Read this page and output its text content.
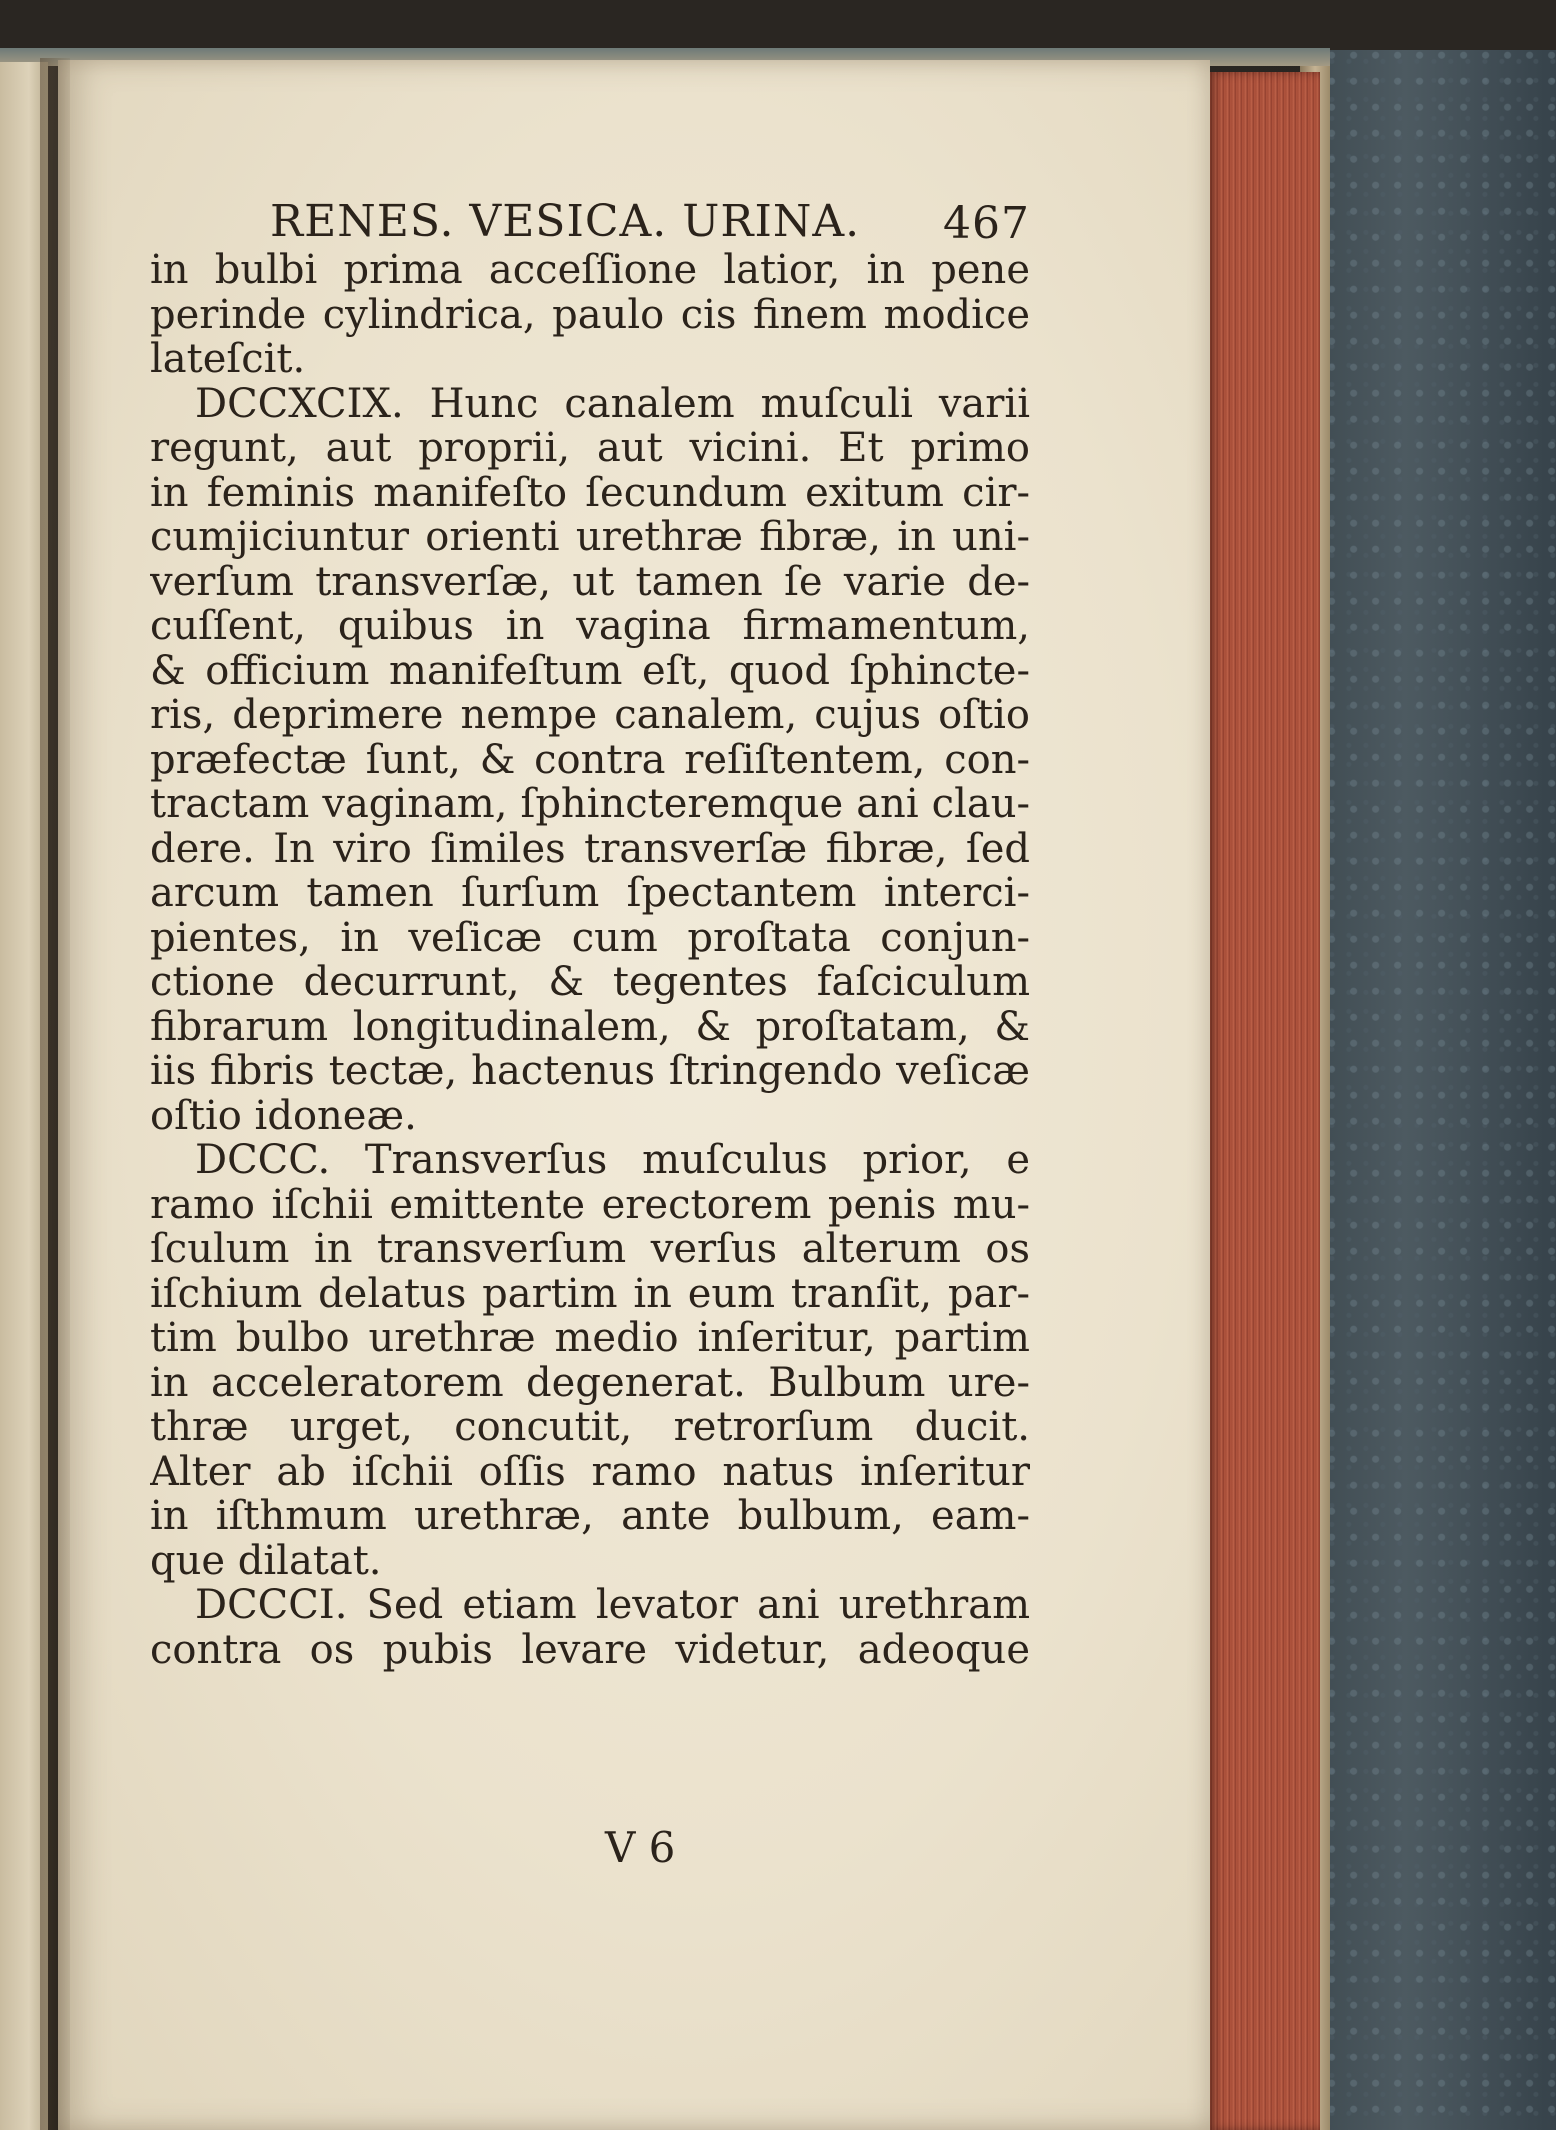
RENES. VESICA. URINA. 467
in bulbi prima acceſſione latior, in pene
perinde cylindrica, paulo cis finem modice
lateſcit.
DCCXCIX. Hunc canalem muſculi varii
regunt, aut proprii, aut vicini. Et primo
in feminis manifeſto ſecundum exitum cir-
cumjiciuntur orienti urethræ fibræ, in uni-
verſum transverſæ, ut tamen ſe varie de-
cuſſent, quibus in vagina firmamentum,
& officium manifeſtum eſt, quod ſphincte-
ris, deprimere nempe canalem, cujus oſtio
præfectæ ſunt, & contra reſiſtentem, con-
tractam vaginam, ſphincteremque ani clau-
dere. In viro ſimiles transverſæ fibræ, ſed
arcum tamen ſurſum ſpectantem interci-
pientes, in veſicæ cum proſtata conjun-
ctione decurrunt, & tegentes faſciculum
fibrarum longitudinalem, & proſtatam, &
iis fibris tectæ, hactenus ſtringendo veſicæ
oſtio idoneæ.
DCCC. Transverſus muſculus prior, e
ramo iſchii emittente erectorem penis mu-
ſculum in transverſum verſus alterum os
iſchium delatus partim in eum tranſit, par-
tim bulbo urethræ medio inſeritur, partim
in acceleratorem degenerat. Bulbum ure-
thræ urget, concutit, retrorſum ducit.
Alter ab iſchii oſſis ramo natus inſeritur
in iſthmum urethræ, ante bulbum, eam-
que dilatat.
DCCCI. Sed etiam levator ani urethram
contra os pubis levare videtur, adeoque
V 6
